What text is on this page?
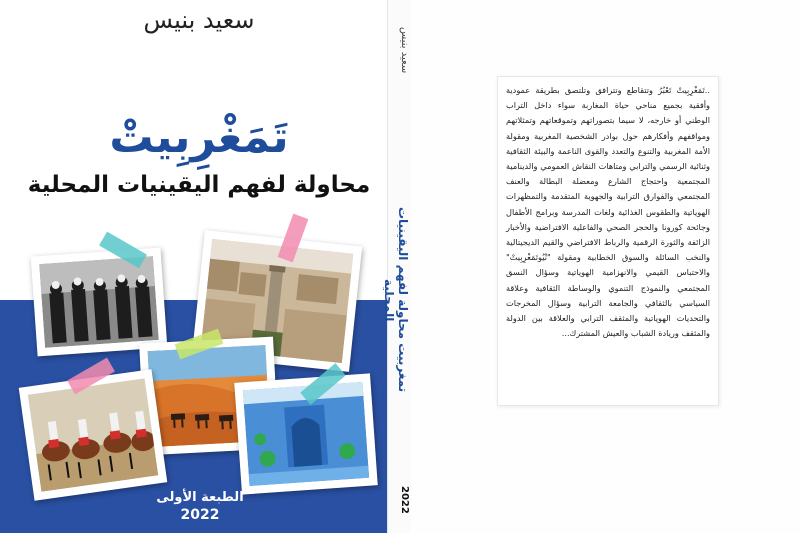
سعيد بنيس
تَمَغْرِبِيتْ
محاولة لفهم اليقينيات المحلية
الطبعة الأولى
2022
سعيد بنيس
تمغربيت محاولة لفهم اليقينيات المحلية
2022

..تَمَغْرِبِيتْ تَعْبُرُ وتتقاطع وتترافق وتلتصق بطريقة عمودية وأفقية بجميع مناحي حياة المغاربة سواء داخل التراب الوطني أو خارجه، لا سيما بتصوراتهم وتموقعاتهم وتمثلاتهم ومواقفهم وأفكارهم حول بوادر الشخصية المغربية ومقولة الأمة المغربية والتنوع والتعدد والقوى الناعمة والبيئة الثقافية وثنائية الرسمي والترابي ومتاهات النقاش العمومي والدينامية المجتمعية واحتجاج الشارع ومعضلة البطالة والعنف المجتمعي والفوارق الترابية والجهوية المتقدمة والتمظهرات الهوياتية والطقوس الغذائية ولغات المدرسة وبرامج الأطفال وجائحة كورونا والحجر الصحي والفاعلية الافتراضية والأخبار الزائفة والثورة الرقمية والرباط الافتراضي والقيم الديجيتالية والنخب السائلة والسوق الخطابية ومقولة "نْيُوتَمَغْرِبِيتْ" والاحتباس القيمي والانهزامية الهوياتية وسؤال النسق المجتمعي والنموذج التنموي والوساطة الثقافية وعلاقة السياسي بالثقافي والجامعة الترابية وسؤال المخرجات والتحديات الهوياتية والمثقف الترابي والعلاقة بين الدولة والمثقف وريادة الشباب والعيش المشترك...
